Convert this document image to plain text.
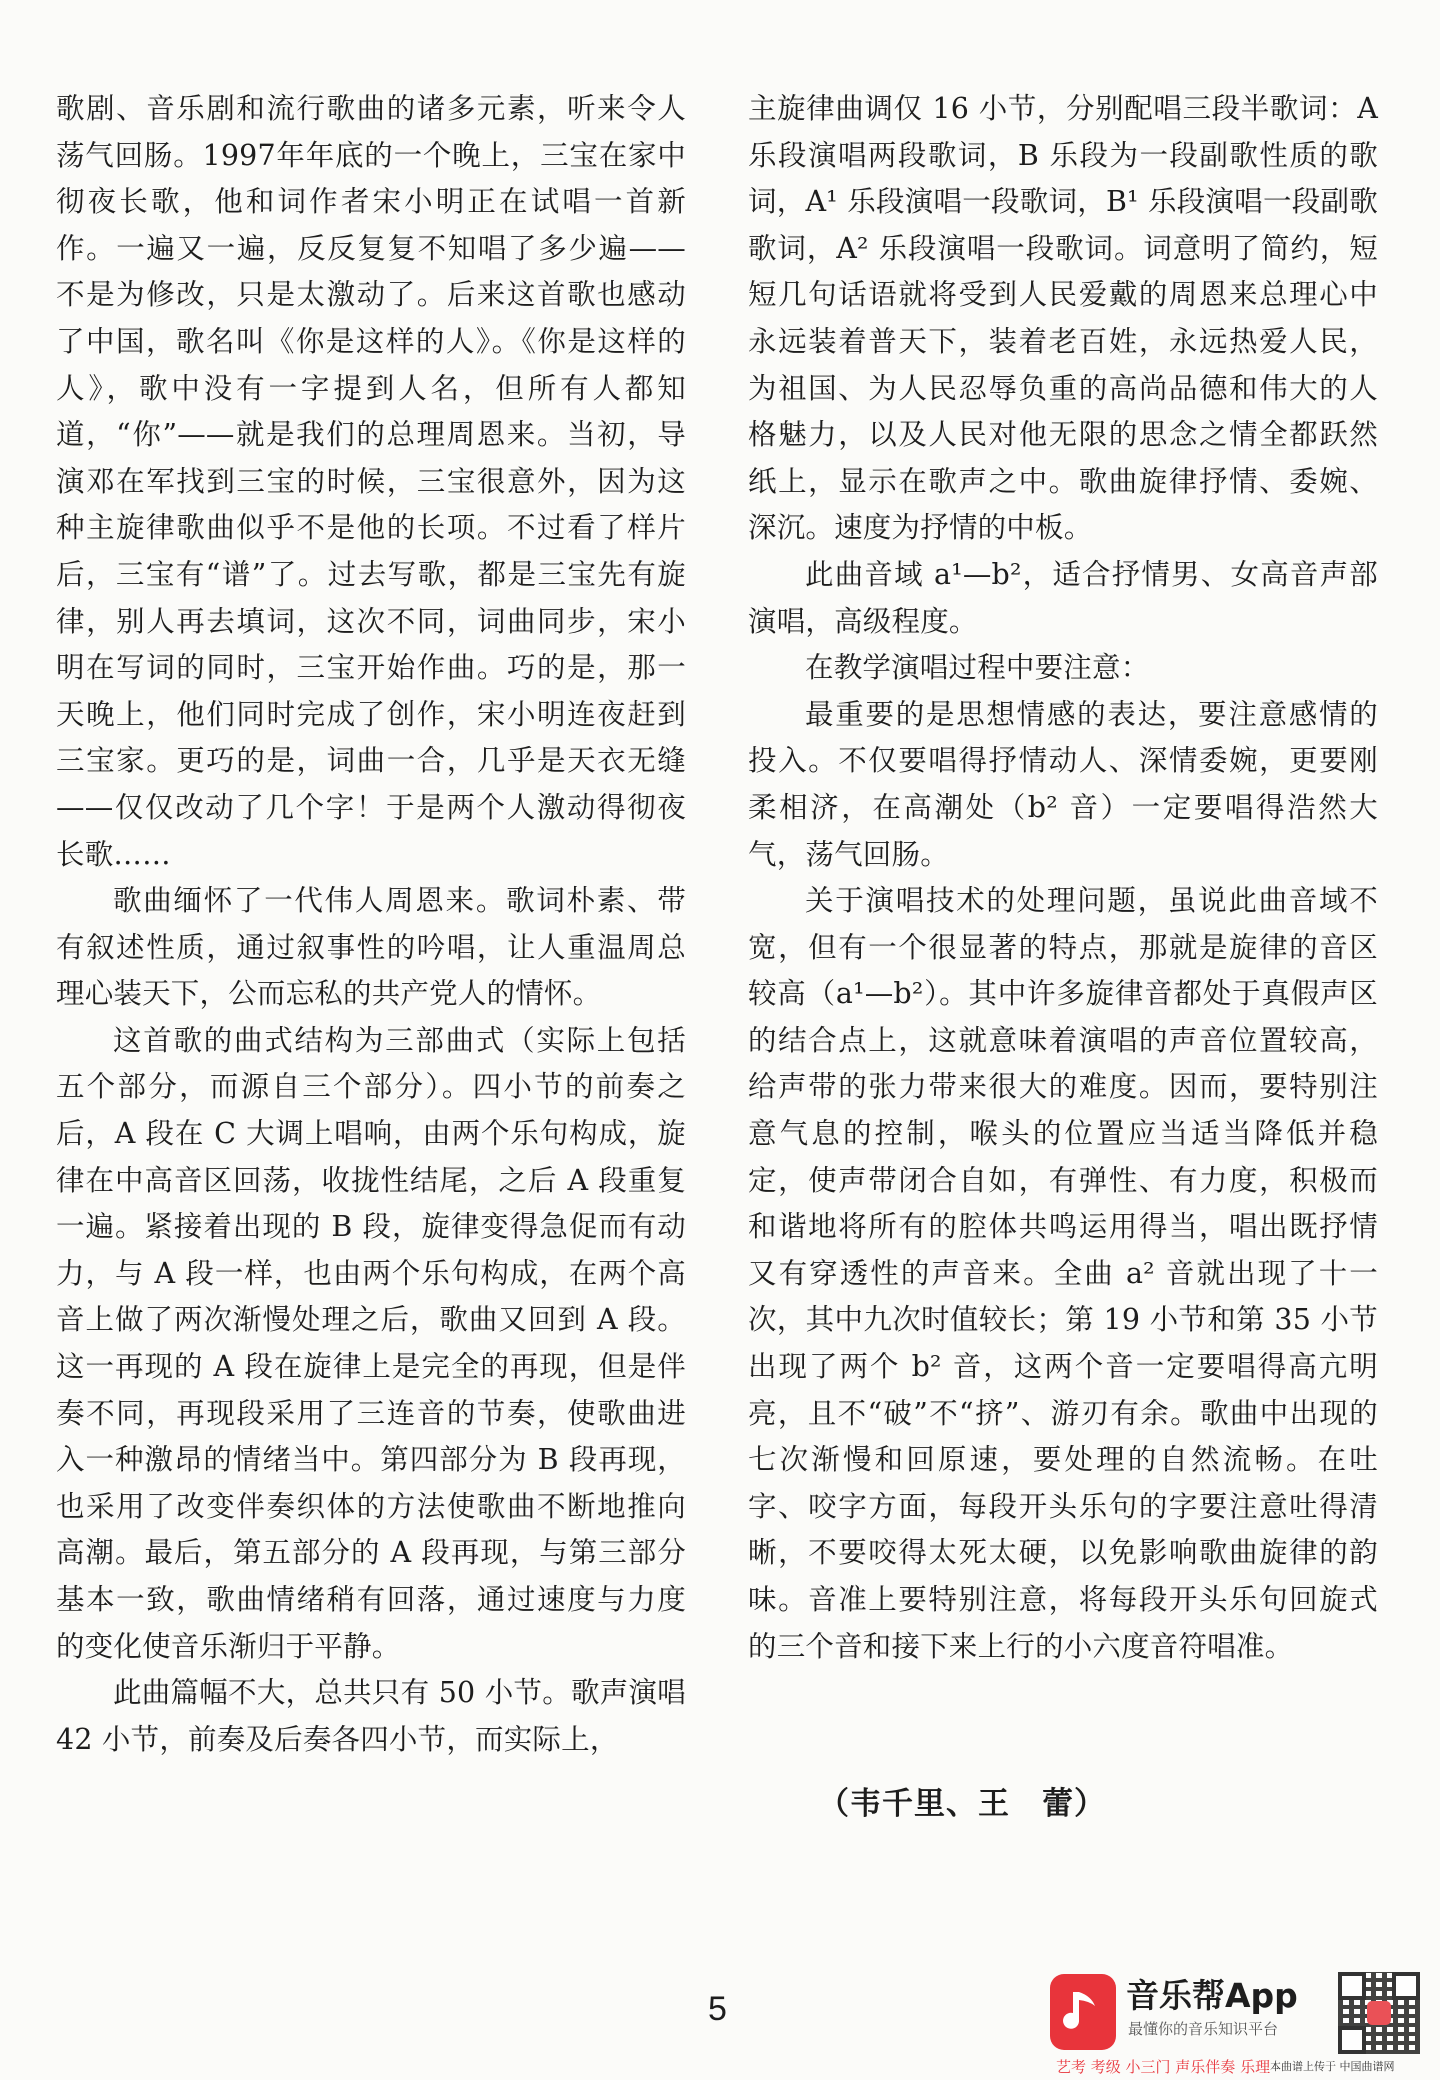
歌剧、音乐剧和流行歌曲的诸多元素，听来令人荡气回肠。1997年年底的一个晚上，三宝在家中彻夜长歌，他和词作者宋小明正在试唱一首新作。一遍又一遍，反反复复不知唱了多少遍——不是为修改，只是太激动了。后来这首歌也感动了中国，歌名叫《你是这样的人》。《你是这样的人》，歌中没有一字提到人名，但所有人都知道，“你”——就是我们的总理周恩来。当初，导演邓在军找到三宝的时候，三宝很意外，因为这种主旋律歌曲似乎不是他的长项。不过看了样片后，三宝有“谱”了。过去写歌，都是三宝先有旋律，别人再去填词，这次不同，词曲同步，宋小明在写词的同时，三宝开始作曲。巧的是，那一天晚上，他们同时完成了创作，宋小明连夜赶到三宝家。更巧的是，词曲一合，几乎是天衣无缝——仅仅改动了几个字！于是两个人激动得彻夜长歌……

歌曲缅怀了一代伟人周恩来。歌词朴素、带有叙述性质，通过叙事性的吟唱，让人重温周总理心装天下，公而忘私的共产党人的情怀。

这首歌的曲式结构为三部曲式（实际上包括五个部分，而源自三个部分）。四小节的前奏之后，A 段在 C 大调上唱响，由两个乐句构成，旋律在中高音区回荡，收拢性结尾，之后 A 段重复一遍。紧接着出现的 B 段，旋律变得急促而有动力，与 A 段一样，也由两个乐句构成，在两个高音上做了两次渐慢处理之后，歌曲又回到 A 段。这一再现的 A 段在旋律上是完全的再现，但是伴奏不同，再现段采用了三连音的节奏，使歌曲进入一种激昂的情绪当中。第四部分为 B 段再现，也采用了改变伴奏织体的方法使歌曲不断地推向高潮。最后，第五部分的 A 段再现，与第三部分基本一致，歌曲情绪稍有回落，通过速度与力度的变化使音乐渐归于平静。

此曲篇幅不大，总共只有 50 小节。歌声演唱 42 小节，前奏及后奏各四小节，而实际上，

主旋律曲调仅 16 小节，分别配唱三段半歌词：A 乐段演唱两段歌词，B 乐段为一段副歌性质的歌词，A¹ 乐段演唱一段歌词，B¹ 乐段演唱一段副歌歌词，A² 乐段演唱一段歌词。词意明了简约，短短几句话语就将受到人民爱戴的周恩来总理心中永远装着普天下，装着老百姓，永远热爱人民，为祖国、为人民忍辱负重的高尚品德和伟大的人格魅力，以及人民对他无限的思念之情全都跃然纸上，显示在歌声之中。歌曲旋律抒情、委婉、深沉。速度为抒情的中板。

此曲音域 a¹—b²，适合抒情男、女高音声部演唱，高级程度。

在教学演唱过程中要注意：

最重要的是思想情感的表达，要注意感情的投入。不仅要唱得抒情动人、深情委婉，更要刚柔相济，在高潮处（b² 音）一定要唱得浩然大气，荡气回肠。

关于演唱技术的处理问题，虽说此曲音域不宽，但有一个很显著的特点，那就是旋律的音区较高（a¹—b²）。其中许多旋律音都处于真假声区的结合点上，这就意味着演唱的声音位置较高，给声带的张力带来很大的难度。因而，要特别注意气息的控制，喉头的位置应当适当降低并稳定，使声带闭合自如，有弹性、有力度，积极而和谐地将所有的腔体共鸣运用得当，唱出既抒情又有穿透性的声音来。全曲 a² 音就出现了十一次，其中九次时值较长；第 19 小节和第 35 小节出现了两个 b² 音，这两个音一定要唱得高亢明亮，且不“破”不“挤”、游刃有余。歌曲中出现的七次渐慢和回原速，要处理的自然流畅。在吐字、咬字方面，每段开头乐句的字要注意吐得清晰，不要咬得太死太硬，以免影响歌曲旋律的韵味。音准上要特别注意，将每段开头乐句回旋式的三个音和接下来上行的小六度音符唱准。

（韦千里、王　蕾）
5	音乐帮App
最懂你的音乐知识平台
艺考 考级 小三门 声乐伴奏 乐理 本曲谱上传于 中国曲谱网
